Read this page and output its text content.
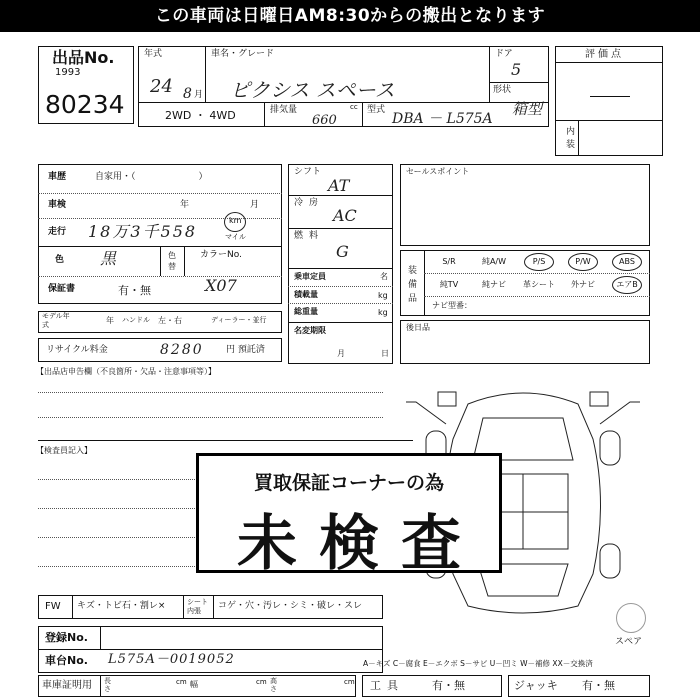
この車両は日曜日AM8:30からの搬出となります
出品No.
1993
80234
年式
24 8 月
車名・グレード
ピクシス スペース
ドア
5
形状
箱型
2WD ・ 4WD	排気量
660
cc 型式
DBA － L575A
評価点
内装
車歴	自家用・（　　　　　　　）
車検	年	月
走行 18万3千558
km
マイル
色 黒	色替
カラーNo.
X07
保証書	有・無
モデル年式	年 ハンドル 左・右	ディーラー・並行
リサイクル料金	8280 円 預託済
シフト
AT
冷房
AC
燃料
G
乗車定員	名
積載量	kg
総重量	kg
名変期限
月	日
セールスポイント
装備品
S/R	純A/W	P/S	P/W	ABS
純TV	純ナビ	革シート	外ナビ	エアB
ナビ型番：
後日品
【出品店申告欄（不良箇所・欠品・注意事項等）】
【検査員記入】
買取保証コーナーの為
未検査
FW キズ・トビ石・割レ×	シート内張	コゲ・穴・汚レ・シミ・破レ・スレ
登録No.
車台No. L575A－0019052
車庫証明用 長さ
cm 幅	cm 高さ
cm
スペア
A－キズ C－腐食 E－エクボ S－サビ U－凹ミ W－補修 XX－交換済
工具	有・無	ジャッキ 有・無
